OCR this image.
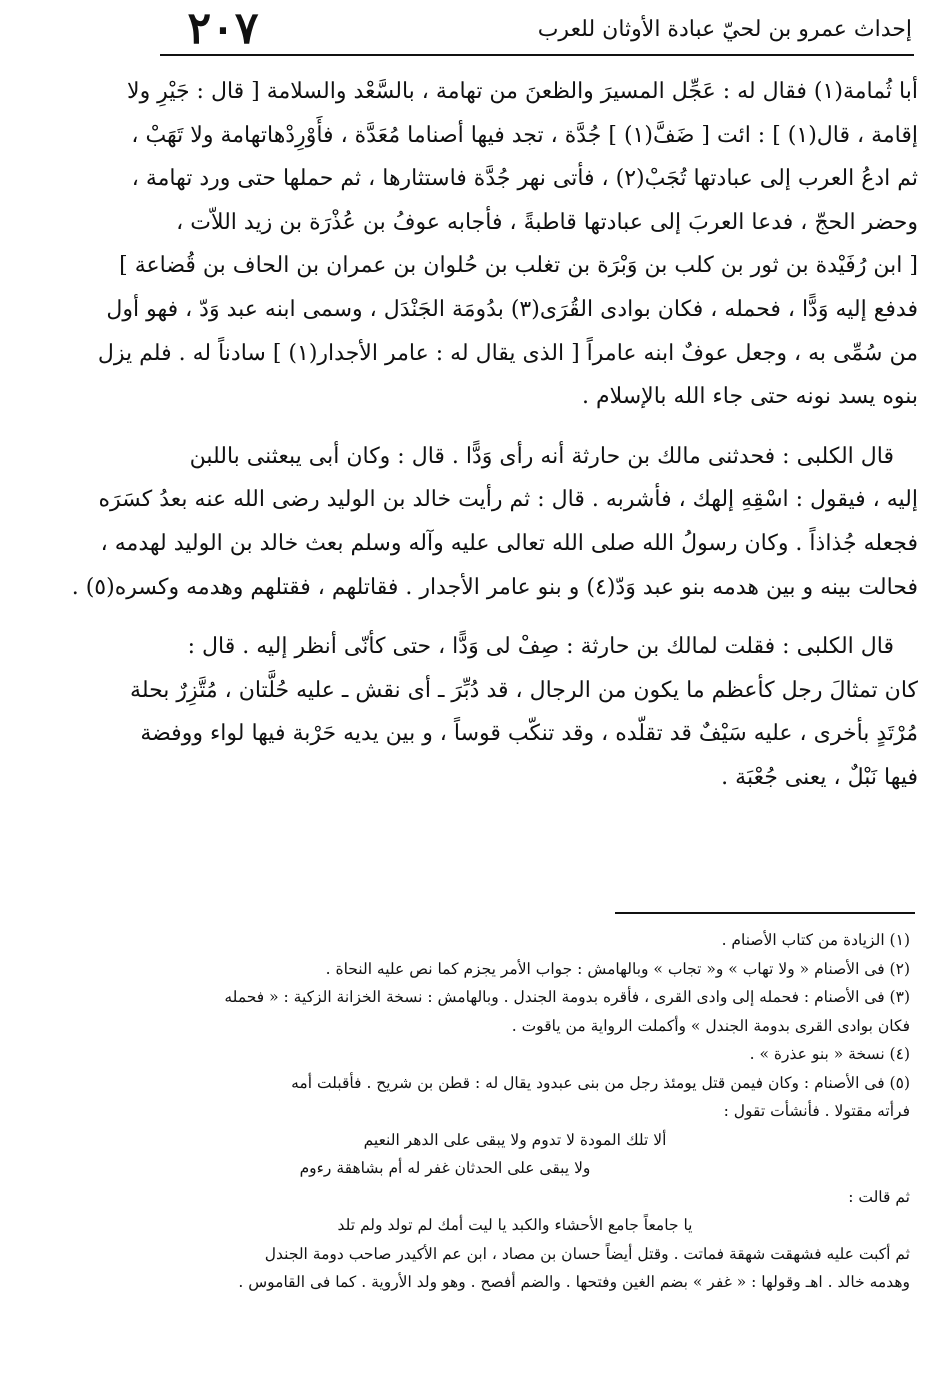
٢٠٧	إحداث عمرو بن لحيّ عبادة الأوثان للعرب

أبا ثُمامة(١) فقال له : عَجِّل المسيرَ والظعنَ من تهامة ، بالسَّعْد والسلامة [ قال : جَيْرِ ولا
إقامة ، قال(١) ] : ائت [ ضَفَّ(١) ] جُدَّة ، تجد فيها أصناما مُعَدَّة ، فأَوْرِدْهاتهامة ولا تَهَبْ ،
ثم ادعُ العرب إلى عبادتها تُجَبْ(٢) ، فأتى نهر جُدَّة فاستثارها ، ثم حملها حتى ورد تهامة ،
وحضر الحجّ ، فدعا العربَ إلى عبادتها قاطبةً ، فأجابه عوفُ بن عُذْرَة بن زيد اللاّت ،
[ ابن رُفَيْدة بن ثور بن كلب بن وَبْرَة بن تغلب بن حُلوان بن عمران بن الحاف بن قُضاعة ]
فدفع إليه وَدًّا ، فحمله ، فكان بوادى القُرَى(٣) بدُومَة الجَنْدَل ، وسمى ابنه عبد وَدّ ، فهو أول
من سُمِّى به ، وجعل عوفٌ ابنه عامراً [ الذى يقال له : عامر الأجدار(١) ] سادناً له . فلم يزل
بنوه يسد نونه حتى جاء الله بالإسلام .

قال الكلبى : فحدثنى مالك بن حارثة أنه رأى وَدًّا . قال : وكان أبى يبعثنى باللبن
إليه ، فيقول : اسْقِهِ إلهك ، فأشربه . قال : ثم رأيت خالد بن الوليد رضى الله عنه بعدُ كسَرَه
فجعله جُذاذاً . وكان رسولُ الله صلى الله تعالى عليه وآله وسلم بعث خالد بن الوليد لهدمه ،
فحالت بينه و بين هدمه بنو عبد وَدّ(٤) و بنو عامر الأجدار . فقاتلهم ، فقتلهم وهدمه وكسره(٥) .

قال الكلبى : فقلت لمالك بن حارثة : صِفْ لى وَدًّا ، حتى كأنّى أنظر إليه . قال :
كان تمثالَ رجل كأعظم ما يكون من الرجال ، قد دُبِّرَ ـ أى نقش ـ عليه حُلَّتان ، مُتَّزِرٌ بحلة
مُرْتَدٍ بأخرى ، عليه سَيْفٌ قد تقلّده ، وقد تنكّب قوساً ، و بين يديه حَرْبة فيها لواء ووفضة
فيها نَبْلٌ ، يعنى جُعْبَة .

(١) الزيادة من كتاب الأصنام .

(٢) فى الأصنام « ولا تهاب » و« تجاب » وبالهامش : جواب الأمر يجزم كما نص عليه النحاة .

(٣) فى الأصنام : فحمله إلى وادى القرى ، فأقره بدومة الجندل . وبالهامش : نسخة الخزانة الزكية : « فحمله
فكان بوادى القرى بدومة الجندل » وأكملت الرواية من ياقوت .

(٤) نسخة « بنو عذرة » .

(٥) فى الأصنام : وكان فيمن قتل يومئذ رجل من بنى عبدود يقال له : قطن بن شريح . فأقبلت أمه
فرأته مقتولا . فأنشأت تقول :

ألا تلك المودة لا تدوم ولا يبقى على الدهر النعيم

ولا يبقى على الحدثان غفر له أم بشاهقة رءوم

ثم قالت :

يا جامعاً جامع الأحشاء والكبد يا ليت أمك لم تولد ولم تلد

ثم أكبت عليه فشهقت شهقة فماتت . وقتل أيضاً حسان بن مصاد ، ابن عم الأكيدر صاحب دومة الجندل

وهدمه خالد . اهـ وقولها : « غفر » بضم الغين وفتحها . والضم أفصح . وهو ولد الأروية . كما فى القاموس .
